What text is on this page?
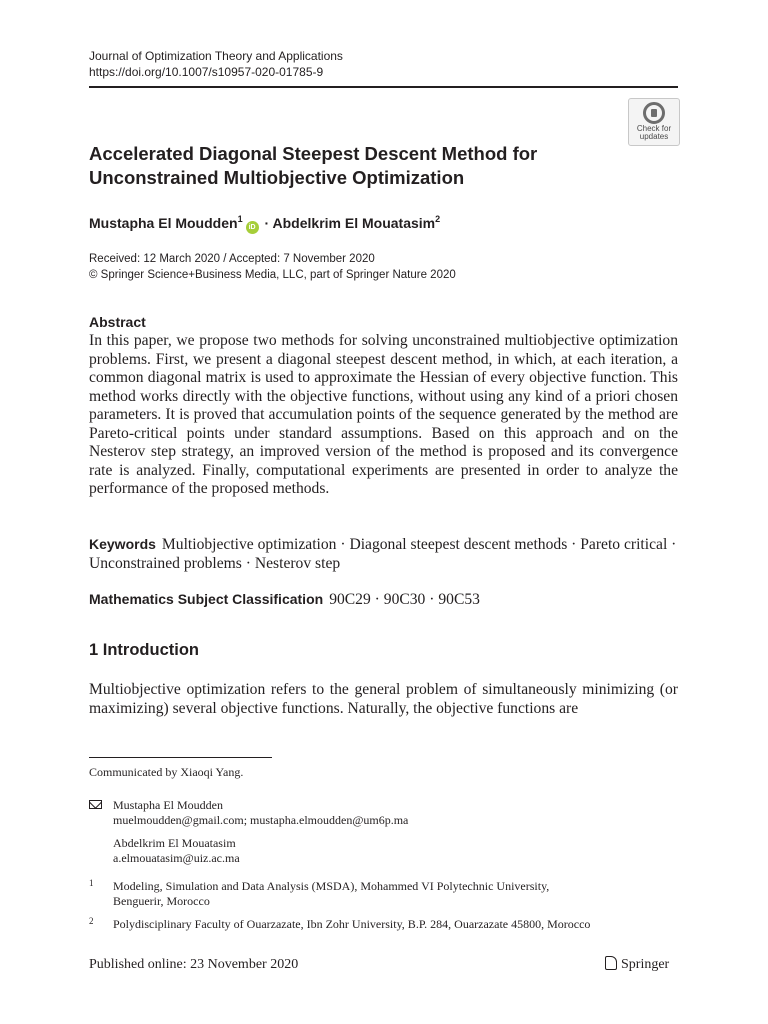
Journal of Optimization Theory and Applications
https://doi.org/10.1007/s10957-020-01785-9
Check for
updates
Accelerated Diagonal Steepest Descent Method for
Unconstrained Multiobjective Optimization
Mustapha El Moudden$^1$iD · Abdelkrim El Mouatasim$^2$
Received: 12 March 2020 / Accepted: 7 November 2020
© Springer Science+Business Media, LLC, part of Springer Nature 2020
Abstract
In this paper, we propose two methods for solving unconstrained multiobjective optimization problems. First, we present a diagonal steepest descent method, in which, at each iteration, a common diagonal matrix is used to approximate the Hessian of every objective function. This method works directly with the objective functions, without using any kind of a priori chosen parameters. It is proved that accumulation points of the sequence generated by the method are Pareto-critical points under standard assumptions. Based on this approach and on the Nesterov step strategy, an improved version of the method is proposed and its convergence rate is analyzed. Finally, computational experiments are presented in order to analyze the performance of the proposed methods.
Keywords Multiobjective optimization · Diagonal steepest descent methods · Pareto critical · Unconstrained problems · Nesterov step
Mathematics Subject Classification 90C29 · 90C30 · 90C53
1 Introduction
Multiobjective optimization refers to the general problem of simultaneously minimizing (or maximizing) several objective functions. Naturally, the objective functions are
Communicated by Xiaoqi Yang.
Mustapha El Moudden
muelmoudden@gmail.com; mustapha.elmoudden@um6p.ma
Abdelkrim El Mouatasim
a.elmouatasim@uiz.ac.ma
1 Modeling, Simulation and Data Analysis (MSDA), Mohammed VI Polytechnic University,
Benguerir, Morocco
2 Polydisciplinary Faculty of Ouarzazate, Ibn Zohr University, B.P. 284, Ouarzazate 45800, Morocco
Published online: 23 November 2020	Springer
